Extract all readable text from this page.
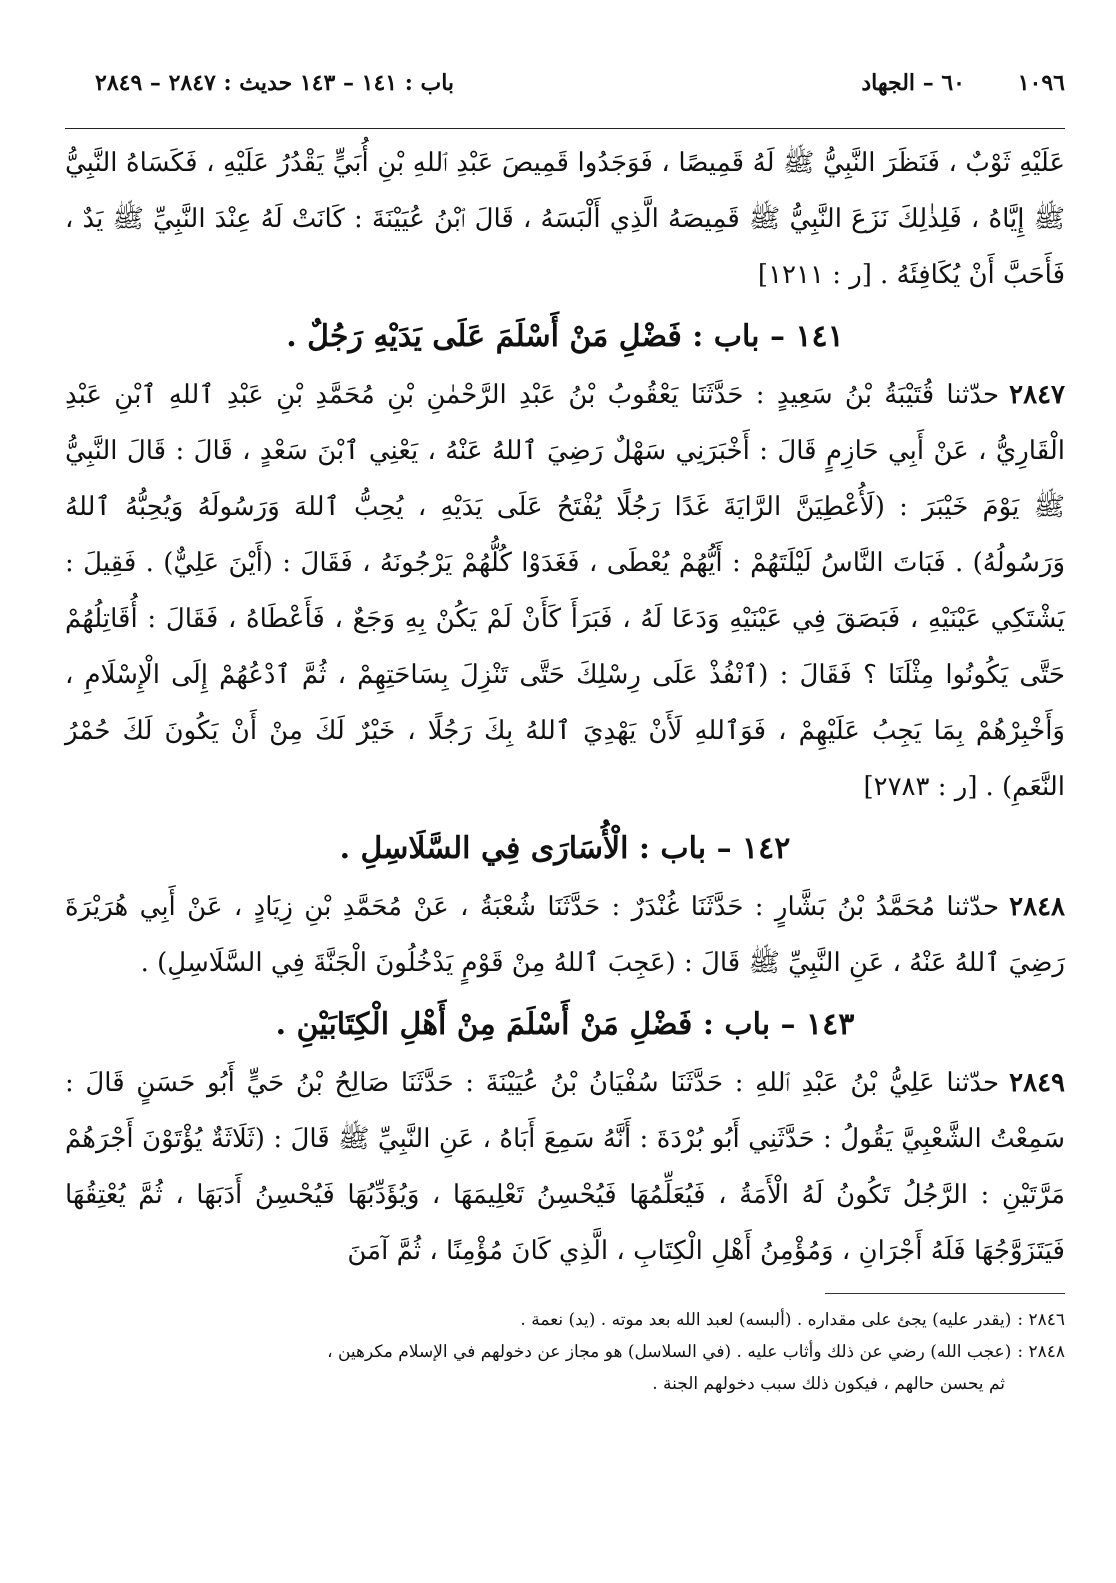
١٠٩٦
٦٠ – الجهاد
باب : ١٤١ – ١٤٣ حديث : ٢٨٤٧ – ٢٨٤٩

عَلَيْهِ ثَوْبٌ ، فَنَظَرَ النَّبِيُّ ﷺ لَهُ قَمِيصًا ، فَوَجَدُوا قَمِيصَ عَبْدِ ٱللهِ بْنِ أُبَيٍّ يَقْدُرُ عَلَيْهِ ، فَكَسَاهُ النَّبِيُّ ﷺ إِيَّاهُ ، فَلِذٰلِكَ نَزَعَ النَّبِيُّ ﷺ قَمِيصَهُ الَّذِي أَلْبَسَهُ ، قَالَ ٱبْنُ عُيَيْنَةَ : كَانَتْ لَهُ عِنْدَ النَّبِيِّ ﷺ يَدٌ ، فَأَحَبَّ أَنْ يُكَافِئَهُ .[ر : ١٢١١]

١٤١ – باب : فَضْلِ مَنْ أَسْلَمَ عَلَى يَدَيْهِ رَجُلٌ .

٢٨٤٧حدّثنا قُتَيْبَةُ بْنُ سَعِيدٍ : حَدَّثَنَا يَعْقُوبُ بْنُ عَبْدِ الرَّحْمٰنِ بْنِ مُحَمَّدِ بْنِ عَبْدِ ٱللهِ ٱبْنِ عَبْدِ الْقَارِيُّ ، عَنْ أَبِي حَازِمٍ قَالَ : أَخْبَرَنِي سَهْلٌ رَضِيَ ٱللهُ عَنْهُ ، يَعْنِي ٱبْنَ سَعْدٍ ، قَالَ : قَالَ النَّبِيُّ ﷺ يَوْمَ خَيْبَرَ : (لَأُعْطِيَنَّ الرَّايَةَ غَدًا رَجُلًا يُفْتَحُ عَلَى يَدَيْهِ ، يُحِبُّ ٱللهَ وَرَسُولَهُ وَيُحِبُّهُ ٱللهُ وَرَسُولُهُ) . فَبَاتَ النَّاسُ لَيْلَتَهُمْ : أَيُّهُمْ يُعْطَى ، فَغَدَوْا كُلُّهُمْ يَرْجُونَهُ ، فَقَالَ : (أَيْنَ عَلِيٌّ) . فَقِيلَ : يَشْتَكِي عَيْنَيْهِ ، فَبَصَقَ فِي عَيْنَيْهِ وَدَعَا لَهُ ، فَبَرَأَ كَأَنْ لَمْ يَكُنْ بِهِ وَجَعٌ ، فَأَعْطَاهُ ، فَقَالَ : أُقَاتِلُهُمْ حَتَّى يَكُونُوا مِثْلَنَا ؟ فَقَالَ : (ٱنْفُذْ عَلَى رِسْلِكَ حَتَّى تَنْزِلَ بِسَاحَتِهِمْ ، ثُمَّ ٱدْعُهُمْ إِلَى الْإِسْلَامِ ، وَأَخْبِرْهُمْ بِمَا يَجِبُ عَلَيْهِمْ ، فَوَٱللهِ لَأَنْ يَهْدِيَ ٱللهُ بِكَ رَجُلًا ، خَيْرٌ لَكَ مِنْ أَنْ يَكُونَ لَكَ حُمْرُ النَّعَمِ) .[ر : ٢٧٨٣]

١٤٢ – باب : الْأُسَارَى فِي السَّلَاسِلِ .

٢٨٤٨حدّثنا مُحَمَّدُ بْنُ بَشَّارٍ : حَدَّثَنَا غُنْدَرٌ : حَدَّثَنَا شُعْبَةُ ، عَنْ مُحَمَّدِ بْنِ زِيَادٍ ، عَنْ أَبِي هُرَيْرَةَ رَضِيَ ٱللهُ عَنْهُ ، عَنِ النَّبِيِّ ﷺ قَالَ : (عَجِبَ ٱللهُ مِنْ قَوْمٍ يَدْخُلُونَ الْجَنَّةَ فِي السَّلَاسِلِ) .

١٤٣ – باب : فَضْلِ مَنْ أَسْلَمَ مِنْ أَهْلِ الْكِتَابَيْنِ .

٢٨٤٩حدّثنا عَلِيُّ بْنُ عَبْدِ ٱللهِ : حَدَّثَنَا سُفْيَانُ بْنُ عُيَيْنَةَ : حَدَّثَنَا صَالِحُ بْنُ حَيٍّ أَبُو حَسَنٍ قَالَ : سَمِعْتُ الشَّعْبِيَّ يَقُولُ : حَدَّثَنِي أَبُو بُرْدَةَ : أَنَّهُ سَمِعَ أَبَاهُ ، عَنِ النَّبِيِّ ﷺ قَالَ : (ثَلَاثَةٌ يُؤْتَوْنَ أَجْرَهُمْ مَرَّتَيْنِ : الرَّجُلُ تَكُونُ لَهُ الْأَمَةُ ، فَيُعَلِّمُهَا فَيُحْسِنُ تَعْلِيمَهَا ، وَيُؤَدِّبُهَا فَيُحْسِنُ أَدَبَهَا ، ثُمَّ يُعْتِقُهَا فَيَتَزَوَّجُهَا فَلَهُ أَجْرَانِ ، وَمُؤْمِنُ أَهْلِ الْكِتَابِ ، الَّذِي كَانَ مُؤْمِنًا ، ثُمَّ آمَنَ

٢٨٤٦ :(يقدر عليه) يجئ على مقداره . (ألبسه) لعبد الله بعد موته . (يد) نعمة .

٢٨٤٨ :(عجب الله) رضي عن ذلك وأثاب عليه . (في السلاسل) هو مجاز عن دخولهم في الإسلام مكرهين ،

ثم يحسن حالهم ، فيكون ذلك سبب دخولهم الجنة .
